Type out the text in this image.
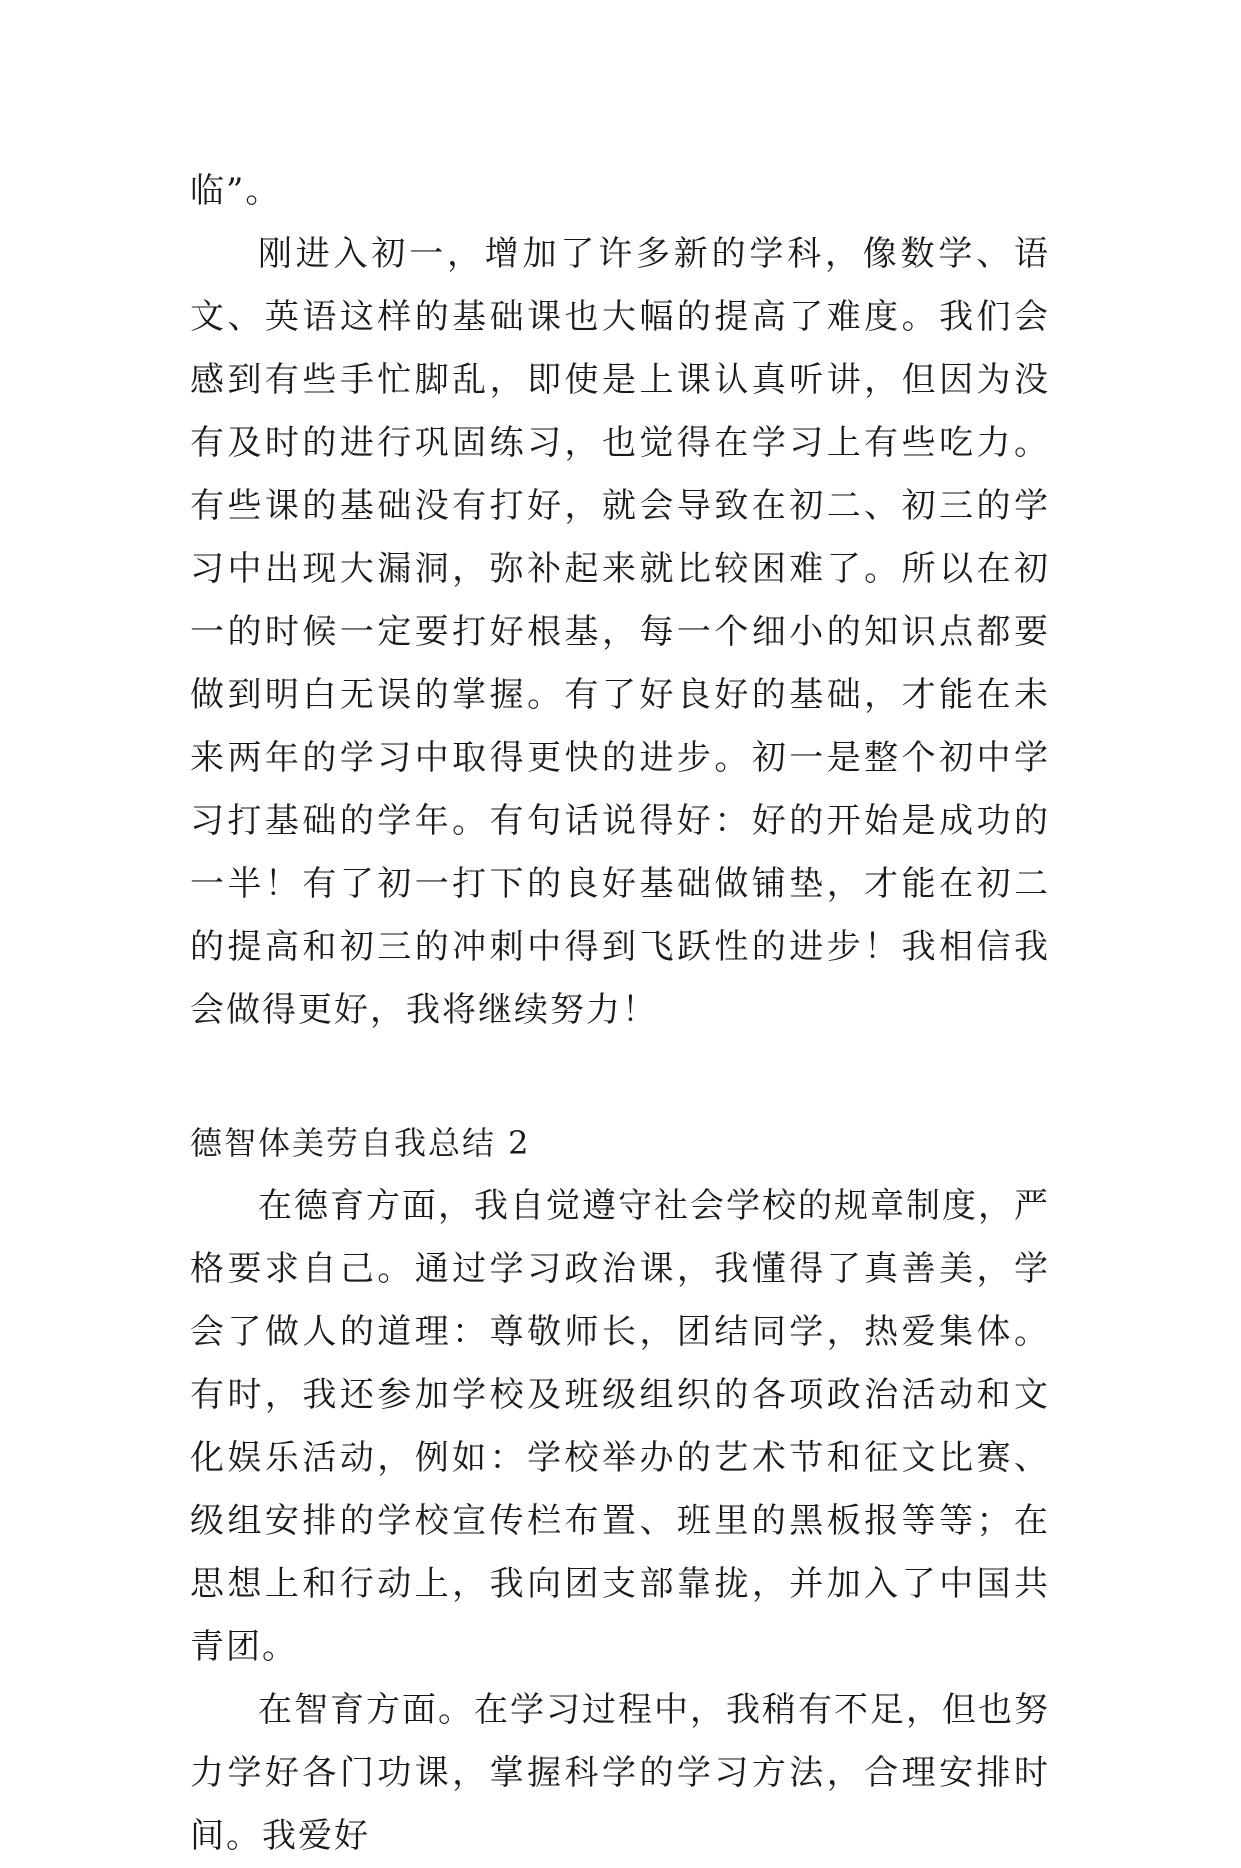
临”。

刚进入初一，增加了许多新的学科，像数学、语文、英语这样的基础课也大幅的提高了难度。我们会感到有些手忙脚乱，即使是上课认真听讲，但因为没有及时的进行巩固练习，也觉得在学习上有些吃力。有些课的基础没有打好，就会导致在初二、初三的学习中出现大漏洞，弥补起来就比较困难了。所以在初一的时候一定要打好根基，每一个细小的知识点都要做到明白无误的掌握。有了好良好的基础，才能在未来两年的学习中取得更快的进步。初一是整个初中学习打基础的学年。有句话说得好：好的开始是成功的一半！有了初一打下的良好基础做铺垫，才能在初二的提高和初三的冲刺中得到飞跃性的进步！我相信我会做得更好，我将继续努力！

德智体美劳自我总结 2

在德育方面，我自觉遵守社会学校的规章制度，严格要求自己。通过学习政治课，我懂得了真善美，学会了做人的道理：尊敬师长，团结同学，热爱集体。有时，我还参加学校及班级组织的各项政治活动和文化娱乐活动，例如：学校举办的艺术节和征文比赛、级组安排的学校宣传栏布置、班里的黑板报等等；在思想上和行动上，我向团支部靠拢，并加入了中国共青团。

在智育方面。在学习过程中，我稍有不足，但也努力学好各门功课，掌握科学的学习方法，合理安排时间。我爱好
